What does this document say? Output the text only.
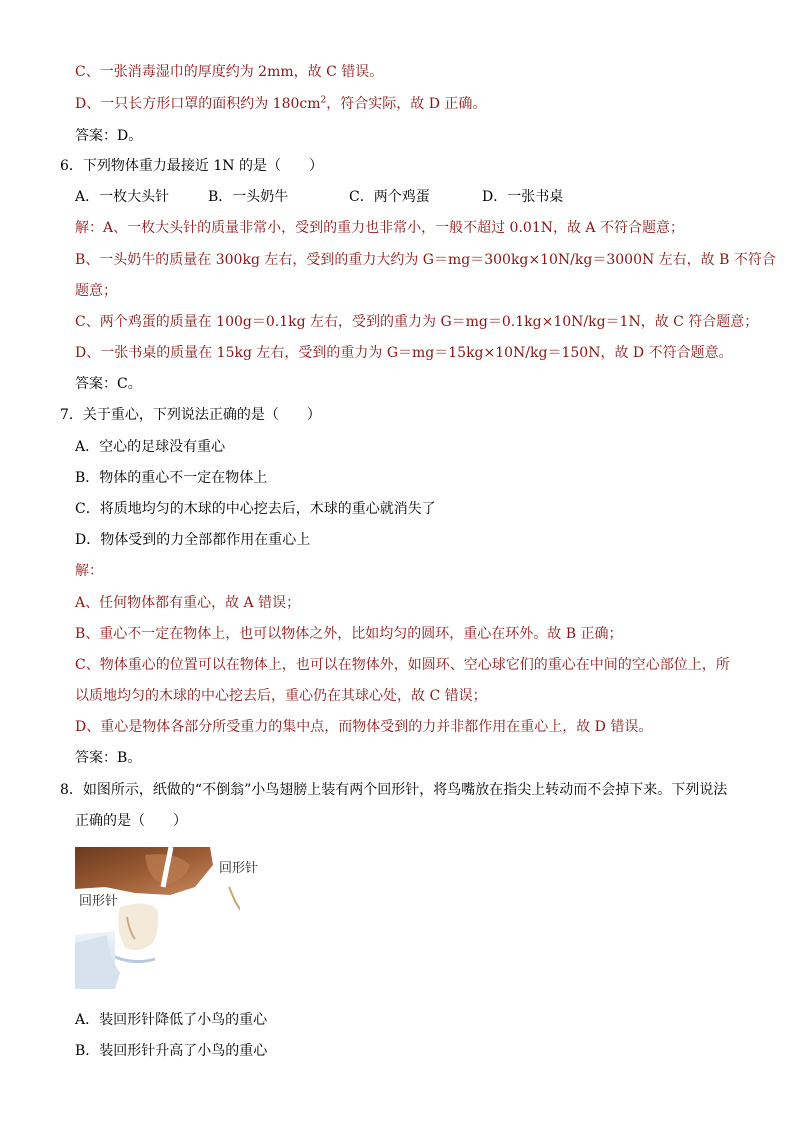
C、一张消毒湿巾的厚度约为 2mm，故 C 错误。
D、一只长方形口罩的面积约为 $180cm^2$，符合实际，故 D 正确。
答案：D。
6．下列物体重力最接近 1N 的是（　　）
A．一枚大头针	B．一头奶牛	C．两个鸡蛋	D．一张书桌
解：A、一枚大头针的质量非常小，受到的重力也非常小，一般不超过 0.01N，故 A 不符合题意；
B、一头奶牛的质量在 300kg 左右，受到的重力大约为 G＝mg＝300kg×10N/kg＝3000N 左右，故 B 不符合
题意；
C、两个鸡蛋的质量在 100g＝0.1kg 左右，受到的重力为 G＝mg＝0.1kg×10N/kg＝1N，故 C 符合题意；
D、一张书桌的质量在 15kg 左右，受到的重力为 G＝mg＝15kg×10N/kg＝150N，故 D 不符合题意。
答案：C。
7．关于重心，下列说法正确的是（　　）
A．空心的足球没有重心
B．物体的重心不一定在物体上
C．将质地均匀的木球的中心挖去后，木球的重心就消失了
D．物体受到的力全部都作用在重心上
解：
A、任何物体都有重心，故 A 错误；
B、重心不一定在物体上，也可以物体之外，比如均匀的圆环，重心在环外。故 B 正确；
C、物体重心的位置可以在物体上，也可以在物体外，如圆环、空心球它们的重心在中间的空心部位上，所
以质地均匀的木球的中心挖去后，重心仍在其球心处，故 C 错误；
D、重心是物体各部分所受重力的集中点，而物体受到的力并非都作用在重心上，故 D 错误。
答案：B。
8．如图所示，纸做的“不倒翁”小鸟翅膀上装有两个回形针，将鸟嘴放在指尖上转动而不会掉下来。下列说法
正确的是（　　）
回形针
回形针
A．装回形针降低了小鸟的重心
B．装回形针升高了小鸟的重心
